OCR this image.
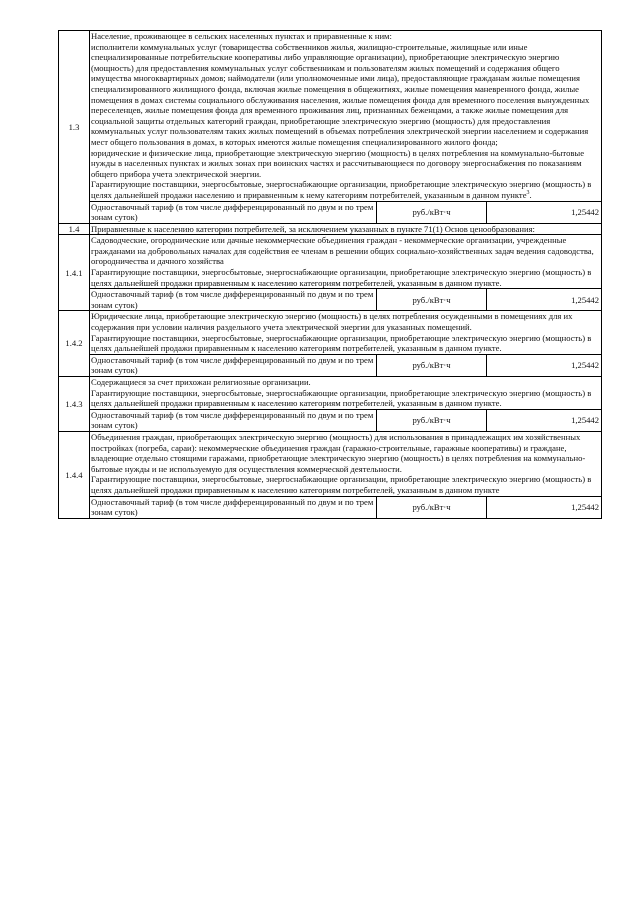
1.3	Население, проживающее в сельских населенных пунктах и приравненные к ним:
исполнители коммунальных услуг (товарищества собственников жилья, жилищно-строительные, жилищные или иные специализированные потребительские кооперативы либо управляющие организации), приобретающие электрическую энергию (мощность) для предоставления коммунальных услуг собственникам и пользователям жилых помещений и содержания общего имущества многоквартирных домов; наймодатели (или уполномоченные ими лица), предоставляющие гражданам жилые помещения специализированного жилищного фонда, включая жилые помещения в общежитиях, жилые помещения маневренного фонда, жилые помещения в домах системы социального обслуживания населения, жилые помещения фонда для временного поселения вынужденных переселенцев, жилые помещения фонда для временного проживания лиц, признанных беженцами, а также жилые помещения для социальной защиты отдельных категорий граждан, приобретающие электрическую энергию (мощность) для предоставления коммунальных услуг пользователям таких жилых помещений в объемах потребления электрической энергии населением и содержания мест общего пользования в домах, в которых имеются жилые помещения специализированного жилого фонда;
юридические и физические лица, приобретающие электрическую энергию (мощность) в целях потребления на коммунально-бытовые нужды в населенных пунктах и жилых зонах при воинских частях и рассчитывающиеся по договору энергоснабжения по показаниям общего прибора учета электрической энергии.
Гарантирующие поставщики, энергосбытовые, энергоснабжающие организации, приобретающие электрическую энергию (мощность) в целях дальнейшей продажи населению и приравненным к нему категориям потребителей, указанным в данном пункте$^3$.		

	Одноставочный тариф (в том числе дифференцированный по двум и по трем зонам суток)	руб./кВт·ч	1,25442
1.4	Приравненные к населению категории потребителей, за исключением указанных в пункте 71(1) Основ ценообразования:		

1.4.1	Садоводческие, огороднические или дачные некоммерческие объединения граждан - некоммерческие организации, учрежденные гражданами на добровольных началах для содействия ее членам в решении общих социально-хозяйственных задач ведения садоводства, огородничества и дачного хозяйства
Гарантирующие поставщики, энергосбытовые, энергоснабжающие организации, приобретающие электрическую энергию (мощность) в целях дальнейшей продажи приравненным к населению категориям потребителей, указанным в данном пункте.		

	Одноставочный тариф (в том числе дифференцированный по двум и по трем зонам суток)	руб./кВт·ч	1,25442
1.4.2	Юридические лица, приобретающие электрическую энергию (мощность) в целях потребления осужденными в помещениях для их содержания при условии наличия раздельного учета электрической энергии для указанных помещений.
Гарантирующие поставщики, энергосбытовые, энергоснабжающие организации, приобретающие электрическую энергию (мощность) в целях дальнейшей продажи приравненным к населению категориям потребителей, указанным в данном пункте.		

	Одноставочный тариф (в том числе дифференцированный по двум и по трем зонам суток)	руб./кВт·ч	1,25442
1.4.3	Содержащиеся за счет прихожан религиозные организации.
Гарантирующие поставщики, энергосбытовые, энергоснабжающие организации, приобретающие электрическую энергию (мощность) в целях дальнейшей продажи приравненным к населению категориям потребителей, указанным в данном пункте.		

	Одноставочный тариф (в том числе дифференцированный по двум и по трем зонам суток)	руб./кВт·ч	1,25442
1.4.4	Объединения граждан, приобретающих электрическую энергию (мощность) для использования в принадлежащих им хозяйственных постройках (погреба, сараи): некоммерческие объединения граждан (гаражно-строительные, гаражные кооперативы) и граждане, владеющие отдельно стоящими гаражами, приобретающие электрическую энергию (мощность) в целях потребления на коммунально-бытовые нужды и не используемую для осуществления коммерческой деятельности.
Гарантирующие поставщики, энергосбытовые, энергоснабжающие организации, приобретающие электрическую энергию (мощность) в целях дальнейшей продажи приравненным к населению категориям потребителей, указанным в данном пункте		

	Одноставочный тариф (в том числе дифференцированный по двум и по трем зонам суток)	руб./кВт·ч	1,25442
